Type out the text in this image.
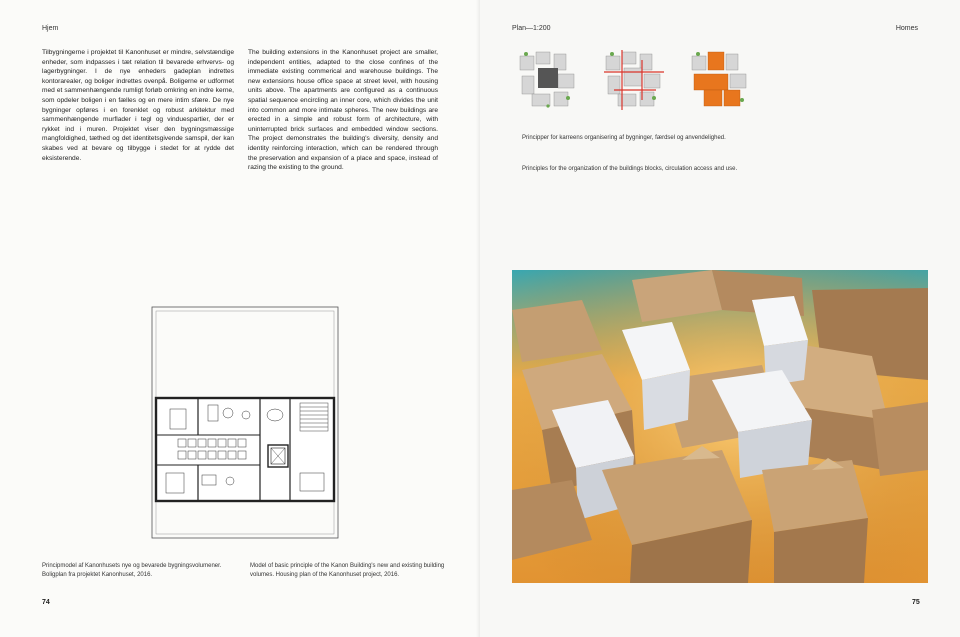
Hjem

Tilbygningerne i projektet til Kanonhuset er mindre, selvstændige enheder, som indpasses i tæt relation til bevarede erhvervs- og lagerbygninger. I de nye enheders gadeplan indrettes kontorarealer, og boliger indrettes ovenpå. Boligerne er udformet med et sammenhængende rumligt forløb omkring en indre kerne, som opdeler boligen i en fælles og en mere intim sfære. De nye bygninger opføres i en forenklet og robust arkitektur med sammenhængende murflader i tegl og vinduespartier, der er rykket ind i muren. Projektet viser den bygningsmæssige mangfoldighed, tæthed og det identitetsgivende samspil, der kan skabes ved at bevare og tilbygge i stedet for at rydde det eksisterende.

The building extensions in the Kanonhuset project are smaller, independent entities, adapted to the close confines of the immediate existing commerical and warehouse buildings. The new extensions house office space at street level, with housing units above. The apartments are configured as a continuous spatial sequence encircling an inner core, which divides the unit into common and more intimate spheres. The new buildings are erected in a simple and robust form of architecture, with uninterrupted brick surfaces and embedded window sections. The project demonstrates the building's diversity, density and identity reinforcing interaction, which can be rendered through the preservation and expansion of a place and space, instead of razing the existing to the ground.

Principmodel af Kanonhusets nye og bevarede bygningsvolumener. Boligplan fra projektet Kanonhuset, 2016.

Model of basic principle of the Kanon Building's new and existing building volumes. Housing plan of the Kanonhuset project, 2016.

74
Plan—1:200	Homes

Principper for karreens organisering af bygninger, færdsel og anvendelighed.

Principles for the organization of the buildings blocks, circulation access and use.

75
